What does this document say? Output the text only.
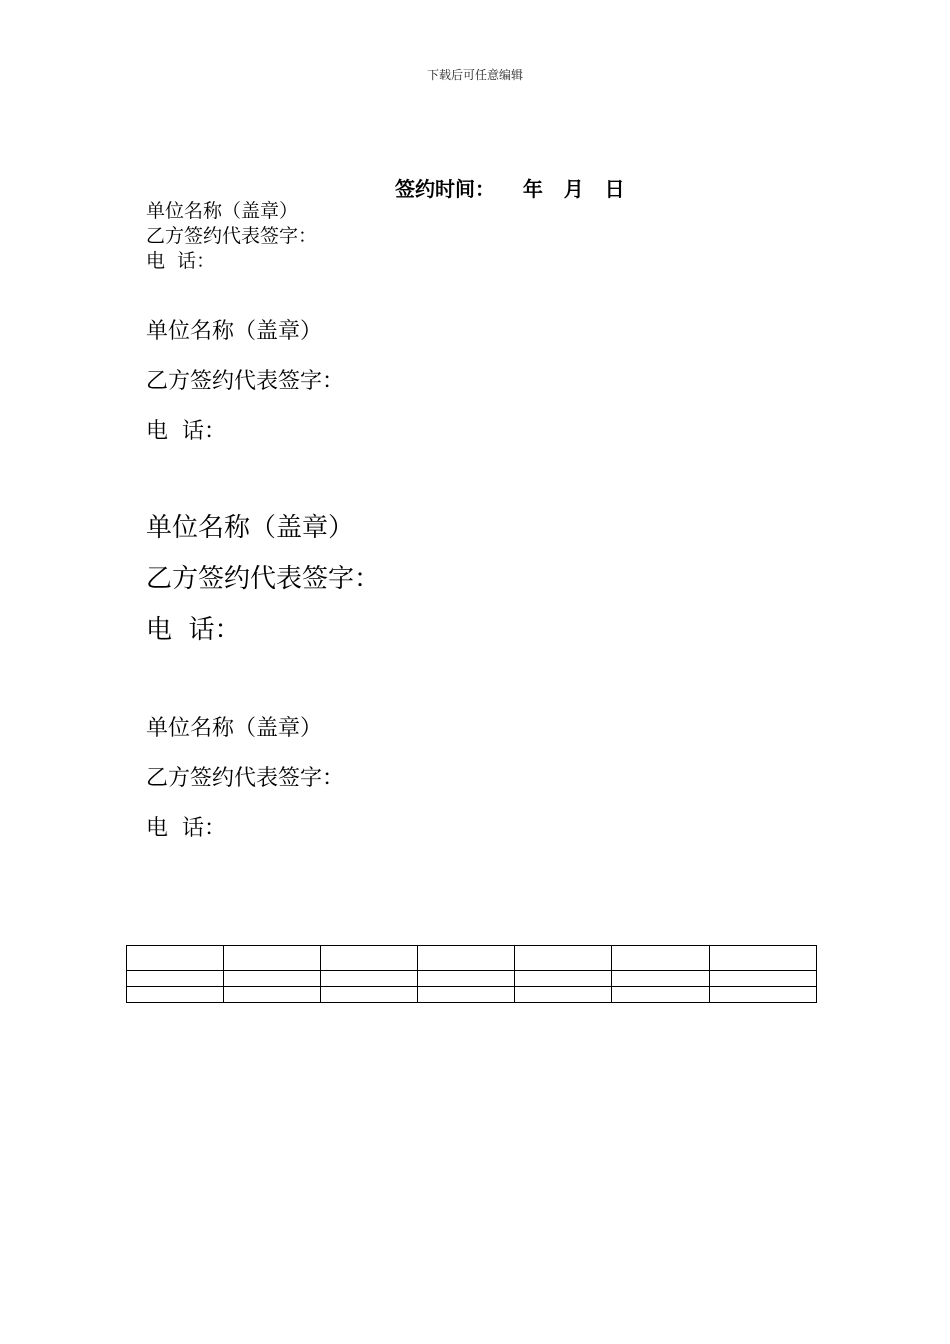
下载后可任意编辑
签约时间：    年   月   日
单位名称（盖章）
乙方签约代表签字：
电  话：
单位名称（盖章）
乙方签约代表签字：
电  话：
单位名称（盖章）
乙方签约代表签字：
电  话：
单位名称（盖章）
乙方签约代表签字：
电  话：
